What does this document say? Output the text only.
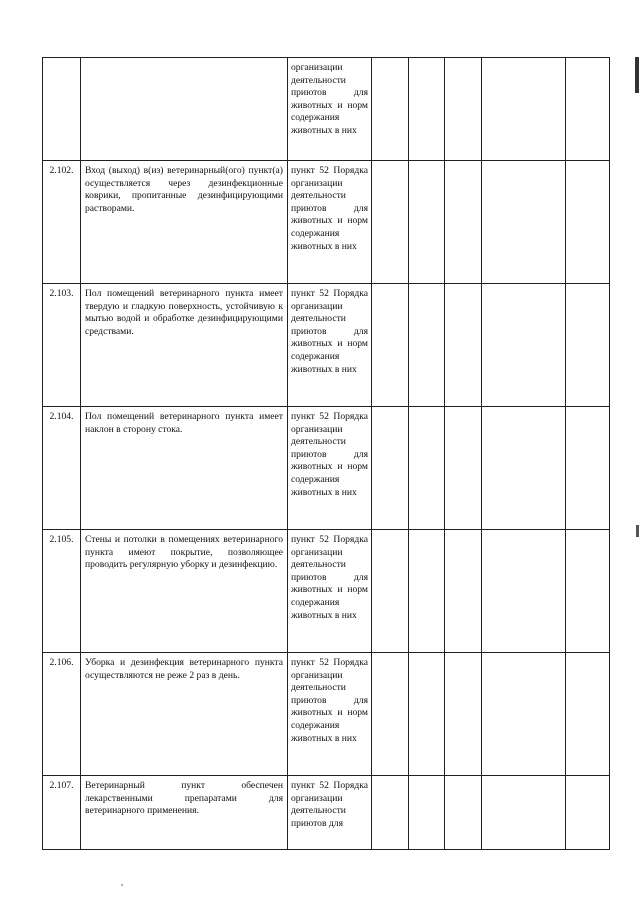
		организации деятельности приютов для животных и норм содержания животных в них					
2.102.	Вход (выход) в(из) ветеринарный(ого) пункт(а) осуществляется через дезинфекционные коврики, пропитанные дезинфицирующими растворами.	пункт 52 Порядка организации деятельности приютов для животных и норм содержания животных в них					
2.103.	Пол помещений ветеринарного пункта имеет твердую и гладкую поверхность, устойчивую к мытью водой и обработке дезинфицирующими средствами.	пункт 52 Порядка организации деятельности приютов для животных и норм содержания животных в них					
2.104.	Пол помещений ветеринарного пункта имеет наклон в сторону стока.	пункт 52 Порядка организации деятельности приютов для животных и норм содержания животных в них					
2.105.	Стены и потолки в помещениях ветеринарного пункта имеют покрытие, позволяющее проводить регулярную уборку и дезинфекцию.	пункт 52 Порядка организации деятельности приютов для животных и норм содержания животных в них					
2.106.	Уборка и дезинфекция ветеринарного пункта осуществляются не реже 2 раз в день.	пункт 52 Порядка организации деятельности приютов для животных и норм содержания животных в них					
2.107.	Ветеринарный пункт обеспечен лекарственными препаратами для ветеринарного применения.	пункт 52 Порядка организации деятельности приютов для					
